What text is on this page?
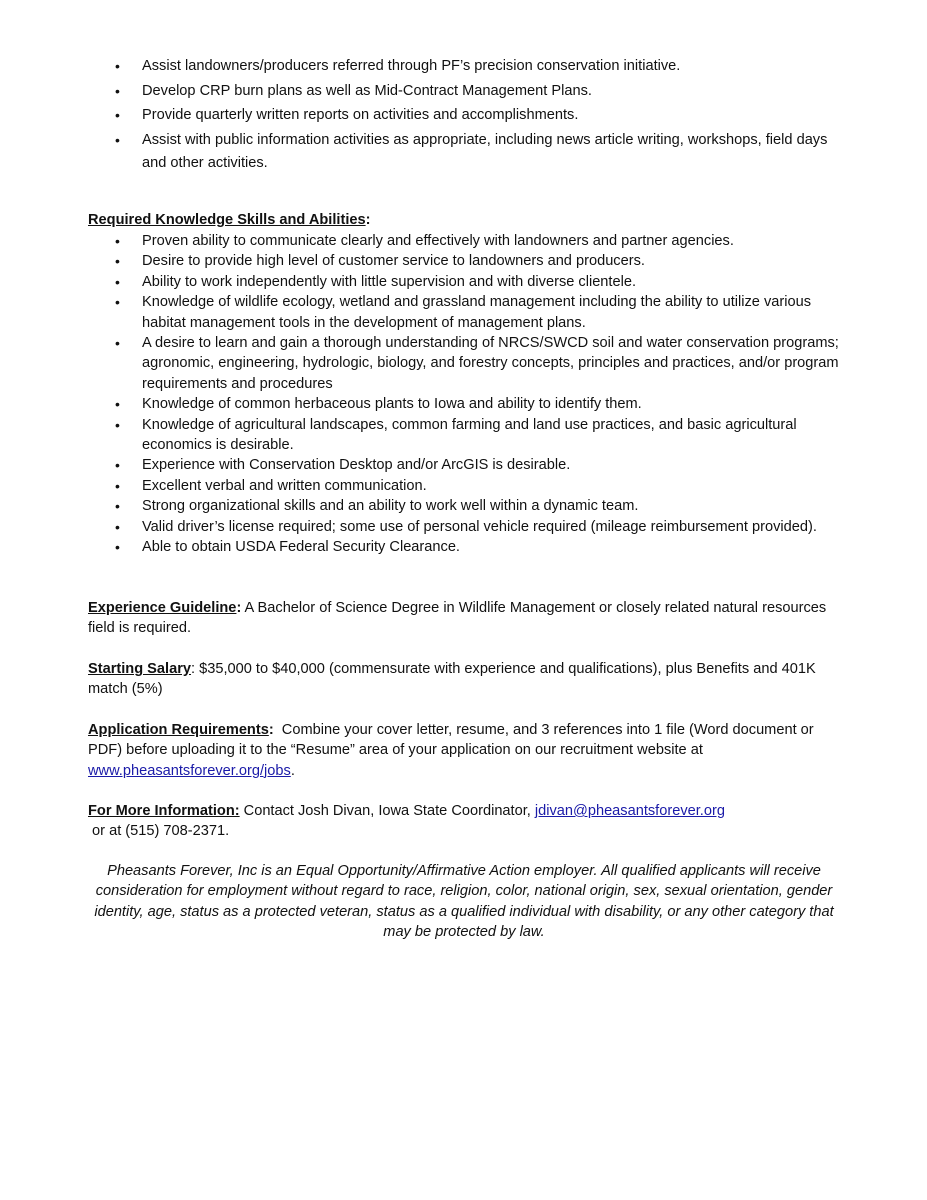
• Assist landowners/producers referred through PF’s precision conservation initiative.
• Develop CRP burn plans as well as Mid-Contract Management Plans.
• Provide quarterly written reports on activities and accomplishments.
• Assist with public information activities as appropriate, including news article writing, workshops, field days and other activities.
Required Knowledge Skills and Abilities:
• Proven ability to communicate clearly and effectively with landowners and partner agencies.
• Desire to provide high level of customer service to landowners and producers.
• Ability to work independently with little supervision and with diverse clientele.
• Knowledge of wildlife ecology, wetland and grassland management including the ability to utilize various habitat management tools in the development of management plans.
• A desire to learn and gain a thorough understanding of NRCS/SWCD soil and water conservation programs; agronomic, engineering, hydrologic, biology, and forestry concepts, principles and practices, and/or program requirements and procedures
• Knowledge of common herbaceous plants to Iowa and ability to identify them.
• Knowledge of agricultural landscapes, common farming and land use practices, and basic agricultural economics is desirable.
• Experience with Conservation Desktop and/or ArcGIS is desirable.
• Excellent verbal and written communication.
• Strong organizational skills and an ability to work well within a dynamic team.
• Valid driver’s license required; some use of personal vehicle required (mileage reimbursement provided).
• Able to obtain USDA Federal Security Clearance.
Experience Guideline: A Bachelor of Science Degree in Wildlife Management or closely related natural resources field is required.
Starting Salary: $35,000 to $40,000 (commensurate with experience and qualifications), plus Benefits and 401K match (5%)
Application Requirements:  Combine your cover letter, resume, and 3 references into 1 file (Word document or PDF) before uploading it to the “Resume” area of your application on our recruitment website at www.pheasantsforever.org/jobs.
For More Information: Contact Josh Divan, Iowa State Coordinator, jdivan@pheasantsforever.org
or at (515) 708-2371.
Pheasants Forever, Inc is an Equal Opportunity/Affirmative Action employer. All qualified applicants will receive consideration for employment without regard to race, religion, color, national origin, sex, sexual orientation, gender identity, age, status as a protected veteran, status as a qualified individual with disability, or any other category that may be protected by law.
